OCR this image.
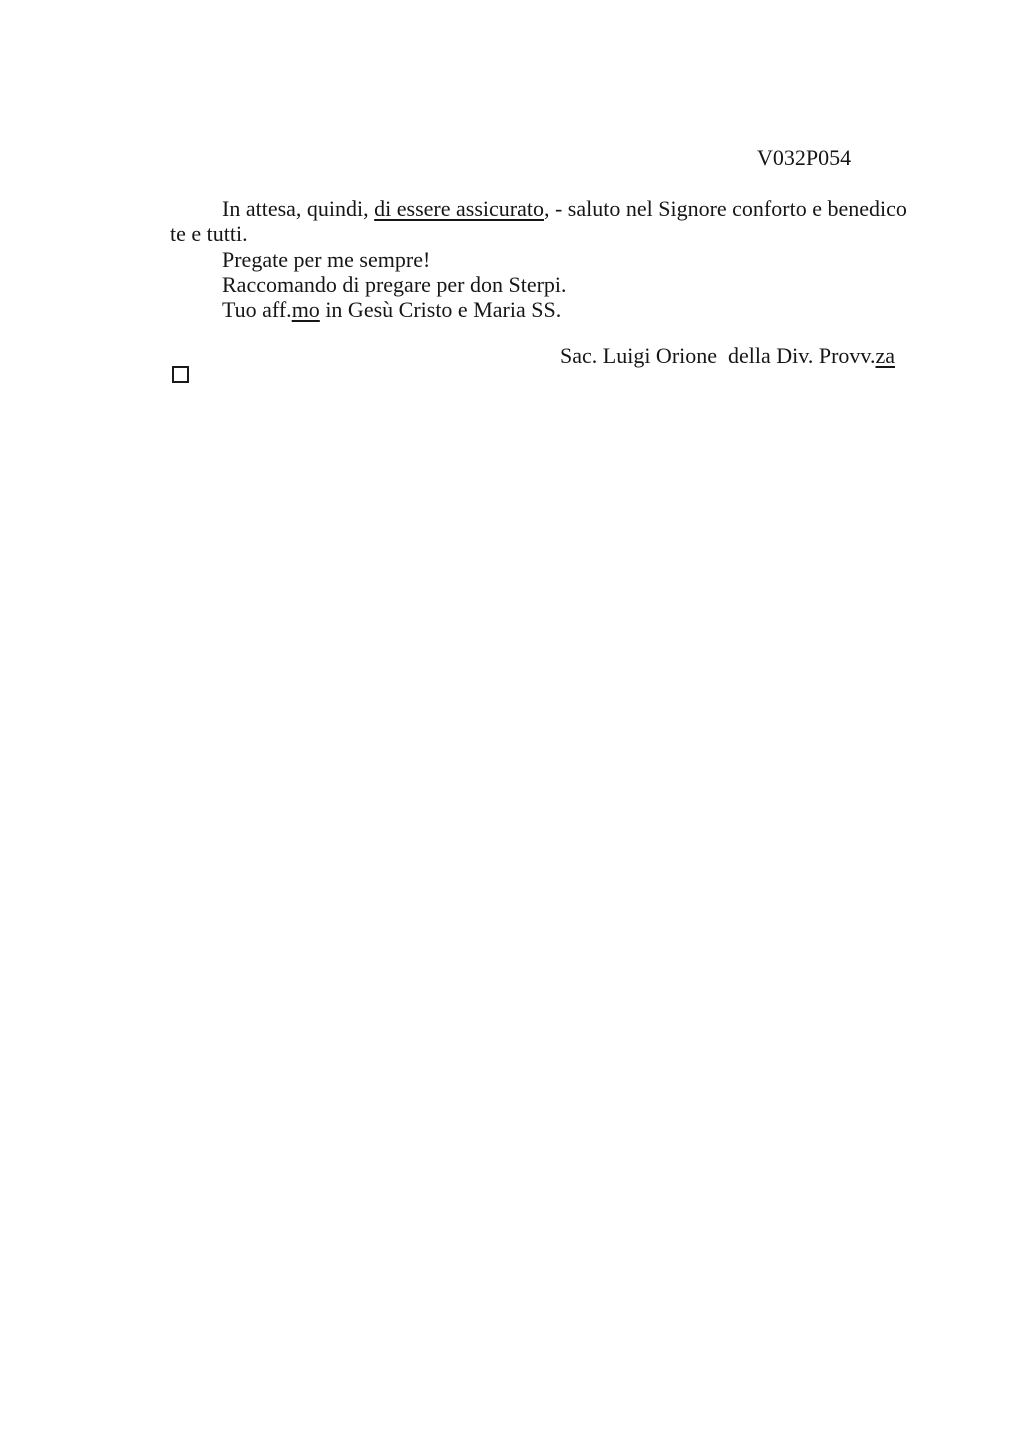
V032P054
In attesa, quindi, di essere assicurato, - saluto nel Signore conforto e benedico
te e tutti.
Pregate per me sempre!
Raccomando di pregare per don Sterpi.
Tuo aff.mo in Gesù Cristo e Maria SS.
Sac. Luigi Orione  della Div. Provv.za
